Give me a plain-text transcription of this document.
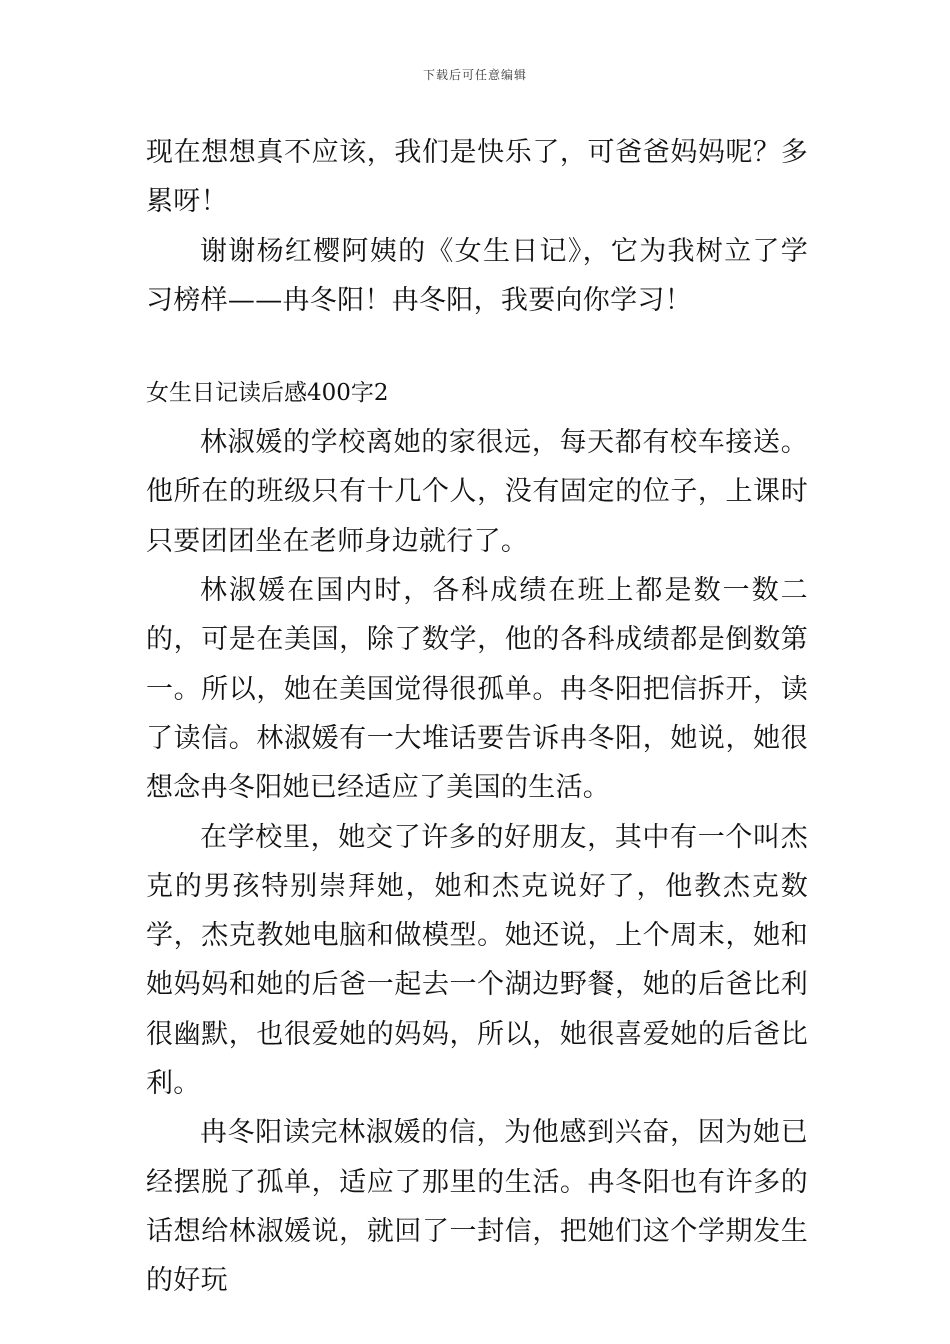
下载后可任意编辑

现在想想真不应该，我们是快乐了，可爸爸妈妈呢？多累呀！

谢谢杨红樱阿姨的《女生日记》，它为我树立了学习榜样——冉冬阳！冉冬阳，我要向你学习！

女生日记读后感400字2

林淑媛的学校离她的家很远，每天都有校车接送。他所在的班级只有十几个人，没有固定的位子，上课时只要团团坐在老师身边就行了。

林淑媛在国内时，各科成绩在班上都是数一数二的，可是在美国，除了数学，他的各科成绩都是倒数第一。所以，她在美国觉得很孤单。冉冬阳把信拆开，读了读信。林淑媛有一大堆话要告诉冉冬阳，她说，她很想念冉冬阳她已经适应了美国的生活。

在学校里，她交了许多的好朋友，其中有一个叫杰克的男孩特别崇拜她，她和杰克说好了，他教杰克数学，杰克教她电脑和做模型。她还说，上个周末，她和她妈妈和她的后爸一起去一个湖边野餐，她的后爸比利很幽默，也很爱她的妈妈，所以，她很喜爱她的后爸比利。

冉冬阳读完林淑媛的信，为他感到兴奋，因为她已经摆脱了孤单，适应了那里的生活。冉冬阳也有许多的话想给林淑媛说，就回了一封信，把她们这个学期发生的好玩
